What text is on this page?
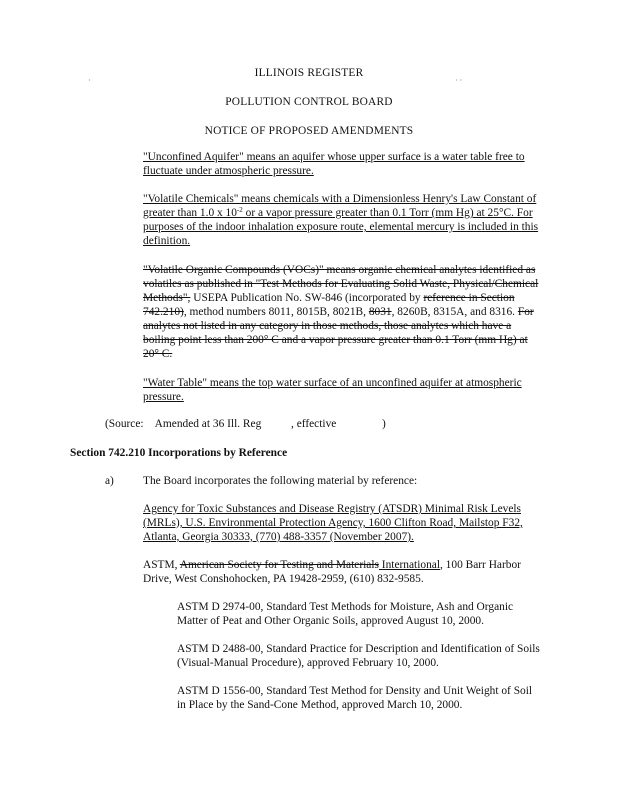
·	· ·
ILLINOIS REGISTER
POLLUTION CONTROL BOARD
NOTICE OF PROPOSED AMENDMENTS
"Unconfined Aquifer" means an aquifer whose upper surface is a water table free to fluctuate under atmospheric pressure.
"Volatile Chemicals" means chemicals with a Dimensionless Henry's Law Constant of greater than 1.0 x $10^{-2}$ or a vapor pressure greater than 0.1 Torr (mm Hg) at 25°C. For purposes of the indoor inhalation exposure route, elemental mercury is included in this definition.
"Volatile Organic Compounds (VOCs)" means organic chemical analytes identified as volatiles as published in "Test Methods for Evaluating Solid Waste, Physical/Chemical Methods", USEPA Publication No. SW-846 (incorporated by reference in Section 742.210), method numbers 8011, 8015B, 8021B, 8031, 8260B, 8315A, and 8316. For analytes not listed in any category in those methods, those analytes which have a boiling point less than 200° C and a vapor pressure greater than 0.1 Torr (mm Hg) at 20° C.
"Water Table" means the top water surface of an unconfined aquifer at atmospheric pressure.
(Source: Amended at 36 Ill. Reg	, effective	)
Section 742.210 Incorporations by Reference
a)	The Board incorporates the following material by reference:
Agency for Toxic Substances and Disease Registry (ATSDR) Minimal Risk Levels (MRLs), U.S. Environmental Protection Agency, 1600 Clifton Road, Mailstop F32, Atlanta, Georgia 30333, (770) 488-3357 (November 2007).
ASTM, American Society for Testing and Materials International, 100 Barr Harbor Drive, West Conshohocken, PA 19428-2959, (610) 832-9585.
ASTM D 2974-00, Standard Test Methods for Moisture, Ash and Organic Matter of Peat and Other Organic Soils, approved August 10, 2000.
ASTM D 2488-00, Standard Practice for Description and Identification of Soils (Visual-Manual Procedure), approved February 10, 2000.
ASTM D 1556-00, Standard Test Method for Density and Unit Weight of Soil in Place by the Sand-Cone Method, approved March 10, 2000.
